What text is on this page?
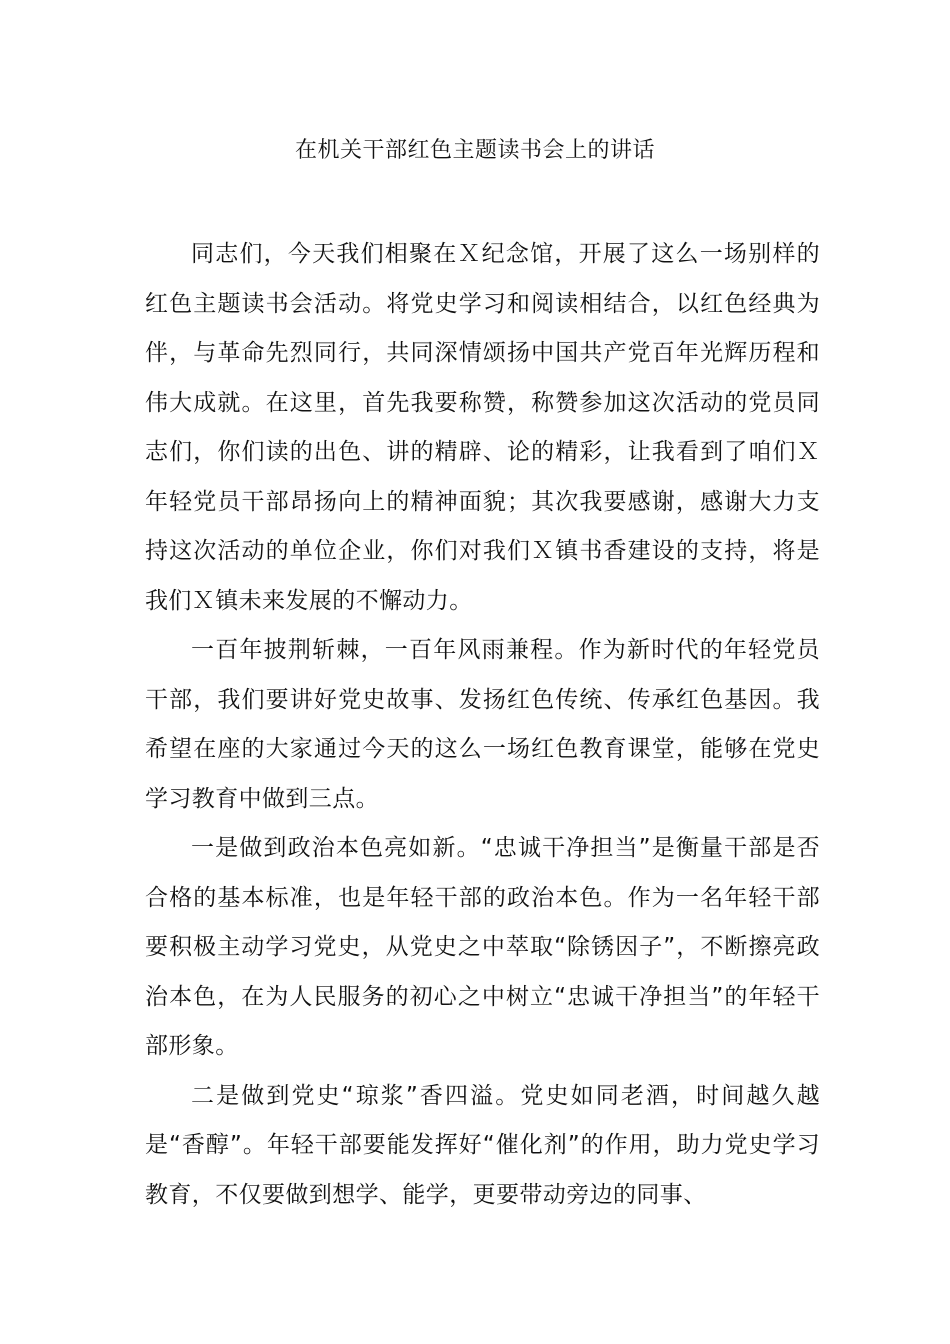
在机关干部红色主题读书会上的讲话

同志们，今天我们相聚在Ｘ纪念馆，开展了这么一场别样的红色主题读书会活动。将党史学习和阅读相结合，以红色经典为伴，与革命先烈同行，共同深情颂扬中国共产党百年光辉历程和伟大成就。在这里，首先我要称赞，称赞参加这次活动的党员同志们，你们读的出色、讲的精辟、论的精彩，让我看到了咱们Ｘ年轻党员干部昂扬向上的精神面貌；其次我要感谢，感谢大力支持这次活动的单位企业，你们对我们Ｘ镇书香建设的支持，将是我们Ｘ镇未来发展的不懈动力。

一百年披荆斩棘，一百年风雨兼程。作为新时代的年轻党员干部，我们要讲好党史故事、发扬红色传统、传承红色基因。我希望在座的大家通过今天的这么一场红色教育课堂，能够在党史学习教育中做到三点。

一是做到政治本色亮如新。“忠诚干净担当”是衡量干部是否合格的基本标准，也是年轻干部的政治本色。作为一名年轻干部要积极主动学习党史，从党史之中萃取“除锈因子”，不断擦亮政治本色，在为人民服务的初心之中树立“忠诚干净担当”的年轻干部形象。

二是做到党史“琼浆”香四溢。党史如同老酒，时间越久越是“香醇”。年轻干部要能发挥好“催化剂”的作用，助力党史学习教育，不仅要做到想学、能学，更要带动旁边的同事、
